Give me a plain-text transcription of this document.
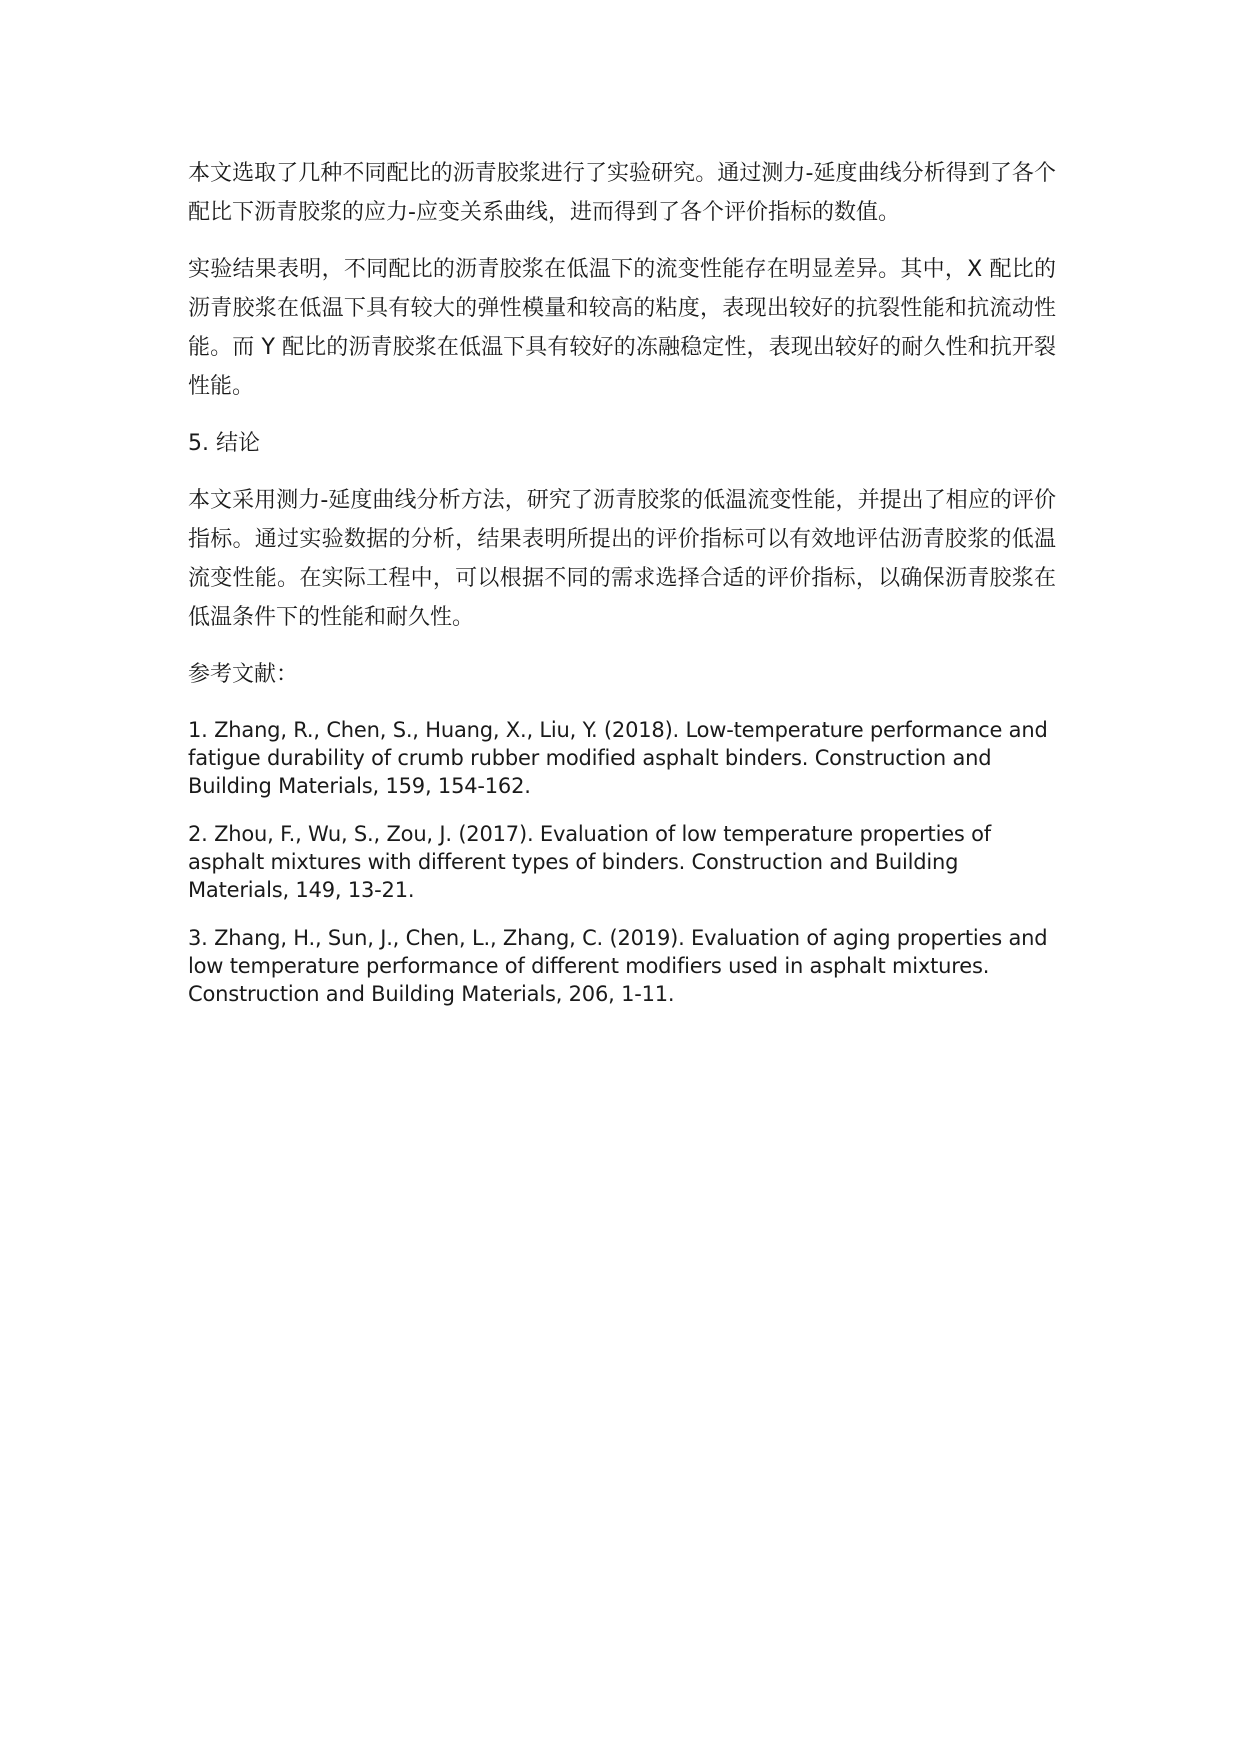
本文选取了几种不同配比的沥青胶浆进行了实验研究。通过测力-延度曲线分析得到了各个配比下沥青胶浆的应力-应变关系曲线，进而得到了各个评价指标的数值。

实验结果表明，不同配比的沥青胶浆在低温下的流变性能存在明显差异。其中，X 配比的沥青胶浆在低温下具有较大的弹性模量和较高的粘度，表现出较好的抗裂性能和抗流动性能。而 Y 配比的沥青胶浆在低温下具有较好的冻融稳定性，表现出较好的耐久性和抗开裂性能。

5. 结论

本文采用测力-延度曲线分析方法，研究了沥青胶浆的低温流变性能，并提出了相应的评价指标。通过实验数据的分析，结果表明所提出的评价指标可以有效地评估沥青胶浆的低温流变性能。在实际工程中，可以根据不同的需求选择合适的评价指标，以确保沥青胶浆在低温条件下的性能和耐久性。

参考文献：

1. Zhang, R., Chen, S., Huang, X., Liu, Y. (2018). Low-temperature performance and fatigue durability of crumb rubber modified asphalt binders. Construction and Building Materials, 159, 154-162.
2. Zhou, F., Wu, S., Zou, J. (2017). Evaluation of low temperature properties of asphalt mixtures with different types of binders. Construction and Building Materials, 149, 13-21.
3. Zhang, H., Sun, J., Chen, L., Zhang, C. (2019). Evaluation of aging properties and low temperature performance of different modifiers used in asphalt mixtures. Construction and Building Materials, 206, 1-11.
